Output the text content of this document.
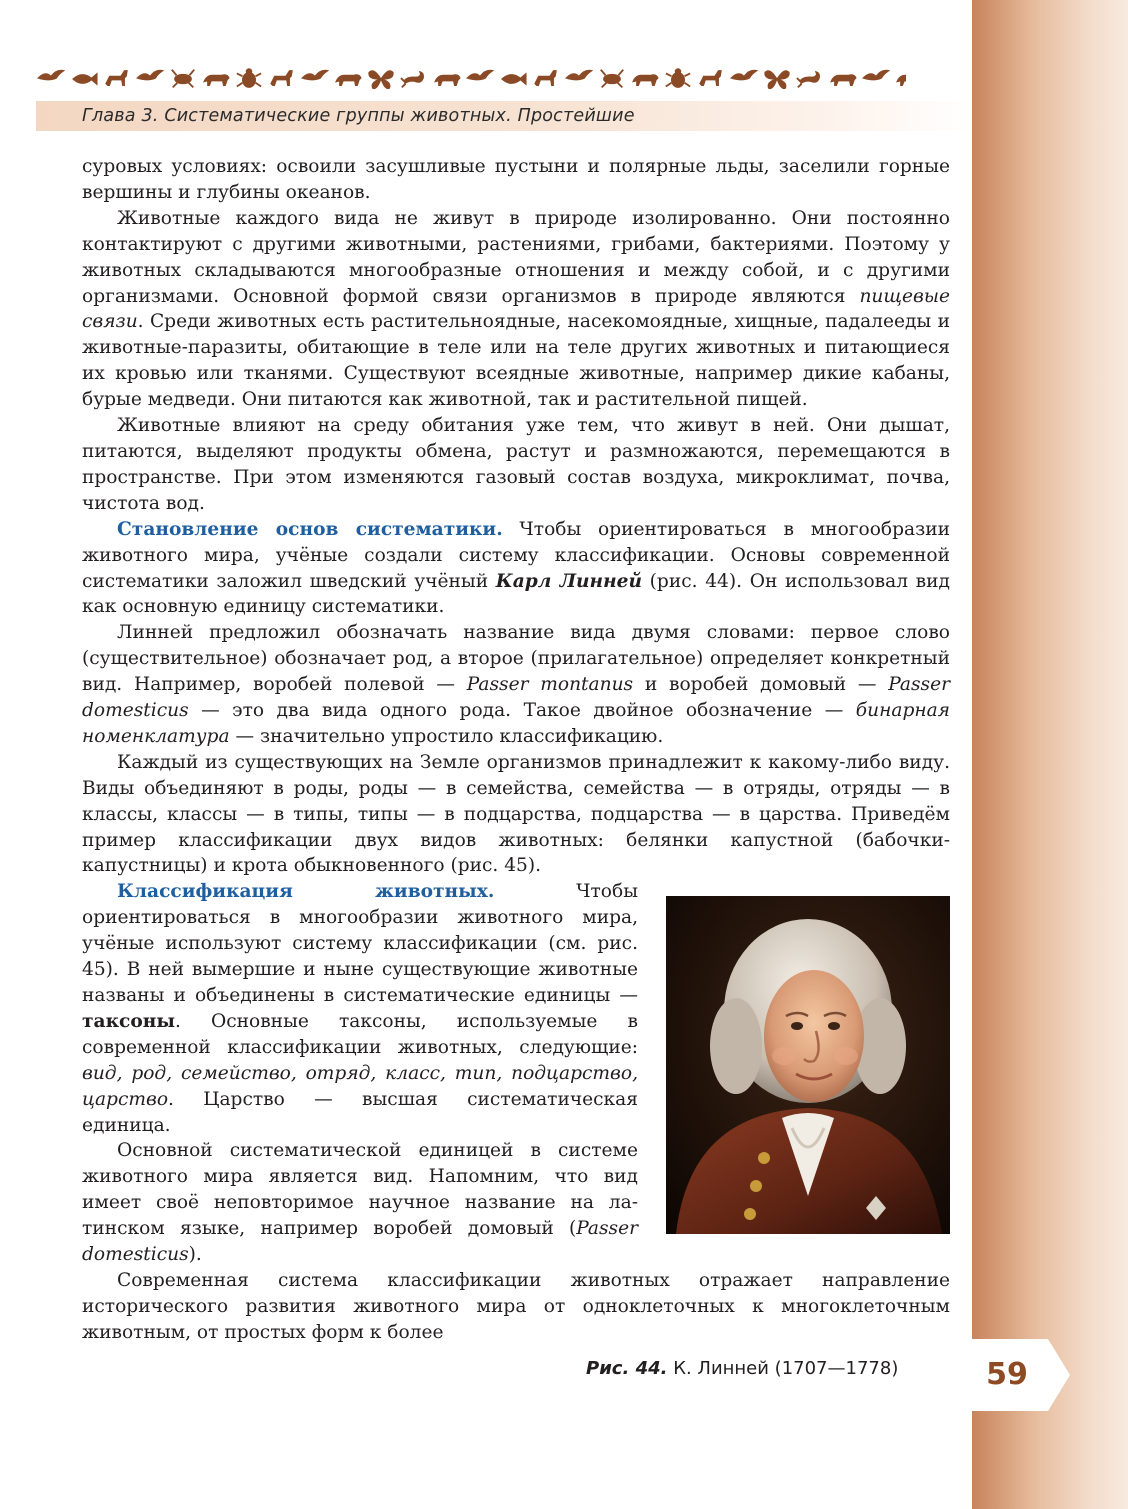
Глава 3. Систематические группы животных. Простейшие

суровых условиях: освоили засушливые пустыни и полярные льды, заселили горные вершины и глубины океанов.

Животные каждого вида не живут в природе изолированно. Они постоянно контактируют с другими животными, растениями, грибами, бактериями. Поэтому у животных складываются многообразные отношения и между собой, и с другими организмами. Основной формой связи организмов в природе являются пищевые связи. Среди животных есть растительноядные, насекомоядные, хищные, падалееды и животные-паразиты, обитающие в теле или на теле других животных и питающиеся их кровью или тканями. Существуют всеядные животные, например дикие кабаны, бурые медведи. Они питаются как животной, так и растительной пищей.

Животные влияют на среду обитания уже тем, что живут в ней. Они дышат, питаются, выделяют продукты обмена, растут и размножаются, перемещаются в пространстве. При этом изменяются газовый состав воздуха, микроклимат, почва, чистота вод.

Становление основ систематики. Чтобы ориентироваться в многообразии животного мира, учёные создали систему классификации. Основы современной систематики заложил шведский учёный Карл Линней (рис. 44). Он использовал вид как основную единицу систематики.

Линней предложил обозначать название вида двумя словами: первое слово (существительное) обозначает род, а второе (прилагательное) определяет конкретный вид. Например, воробей полевой — Passer montanus и воробей домовый — Passer domesticus — это два вида одного рода. Такое двойное обозначение — бинарная номенклатура — значительно упростило классификацию.

Каждый из существующих на Земле организмов принадлежит к какому-либо виду. Виды объединяют в роды, роды — в семейства, семейства — в отряды, отряды — в классы, классы — в типы, типы — в подцарства, подцарства — в царства. Приведём пример классификации двух видов животных: белянки капустной (бабочки-капустницы) и крота обыкновенного (рис. 45).

Классификация животных. Чтобы ориентироваться в многообразии животного мира, учёные используют систему классификации (см. рис. 45). В ней вымершие и ныне существующие животные названы и объединены в систематические единицы — таксоны. Основные таксоны, используемые в современной классификации животных, следующие: вид, род, семейство, отряд, класс, тип, подцарство, царство. Царство — высшая систематическая единица.

Основной систематической единицей в системе животного мира является вид. Напомним, что вид имеет своё неповторимое научное название на латинском языке, например воробей домовый (Passer domesticus).

Современная система классификации животных отражает направление исторического развития животного мира от одноклеточных к многоклеточным животным, от простых форм к более

Рис. 44. К. Линней (1707—1778)	59
